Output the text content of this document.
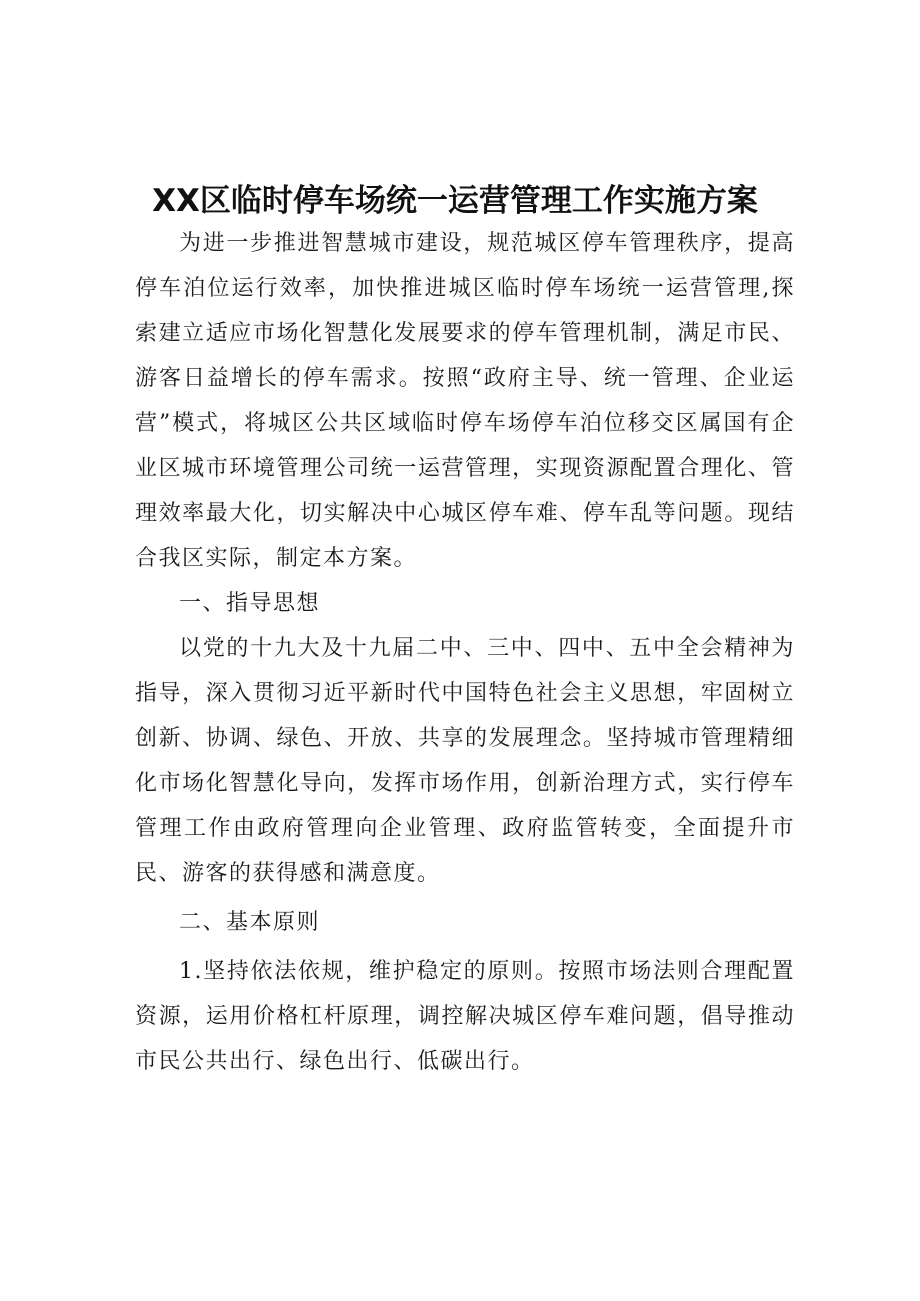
XX区临时停车场统一运营管理工作实施方案

为进一步推进智慧城市建设，规范城区停车管理秩序，提高停车泊位运行效率，加快推进城区临时停车场统一运营管理,探索建立适应市场化智慧化发展要求的停车管理机制，满足市民、游客日益增长的停车需求。按照“政府主导、统一管理、企业运营”模式，将城区公共区域临时停车场停车泊位移交区属国有企业区城市环境管理公司统一运营管理，实现资源配置合理化、管理效率最大化，切实解决中心城区停车难、停车乱等问题。现结合我区实际，制定本方案。

一、指导思想

以党的十九大及十九届二中、三中、四中、五中全会精神为指导，深入贯彻习近平新时代中国特色社会主义思想，牢固树立创新、协调、绿色、开放、共享的发展理念。坚持城市管理精细化市场化智慧化导向，发挥市场作用，创新治理方式，实行停车管理工作由政府管理向企业管理、政府监管转变，全面提升市民、游客的获得感和满意度。

二、基本原则

1.坚持依法依规，维护稳定的原则。按照市场法则合理配置资源，运用价格杠杆原理，调控解决城区停车难问题，倡导推动市民公共出行、绿色出行、低碳出行。
